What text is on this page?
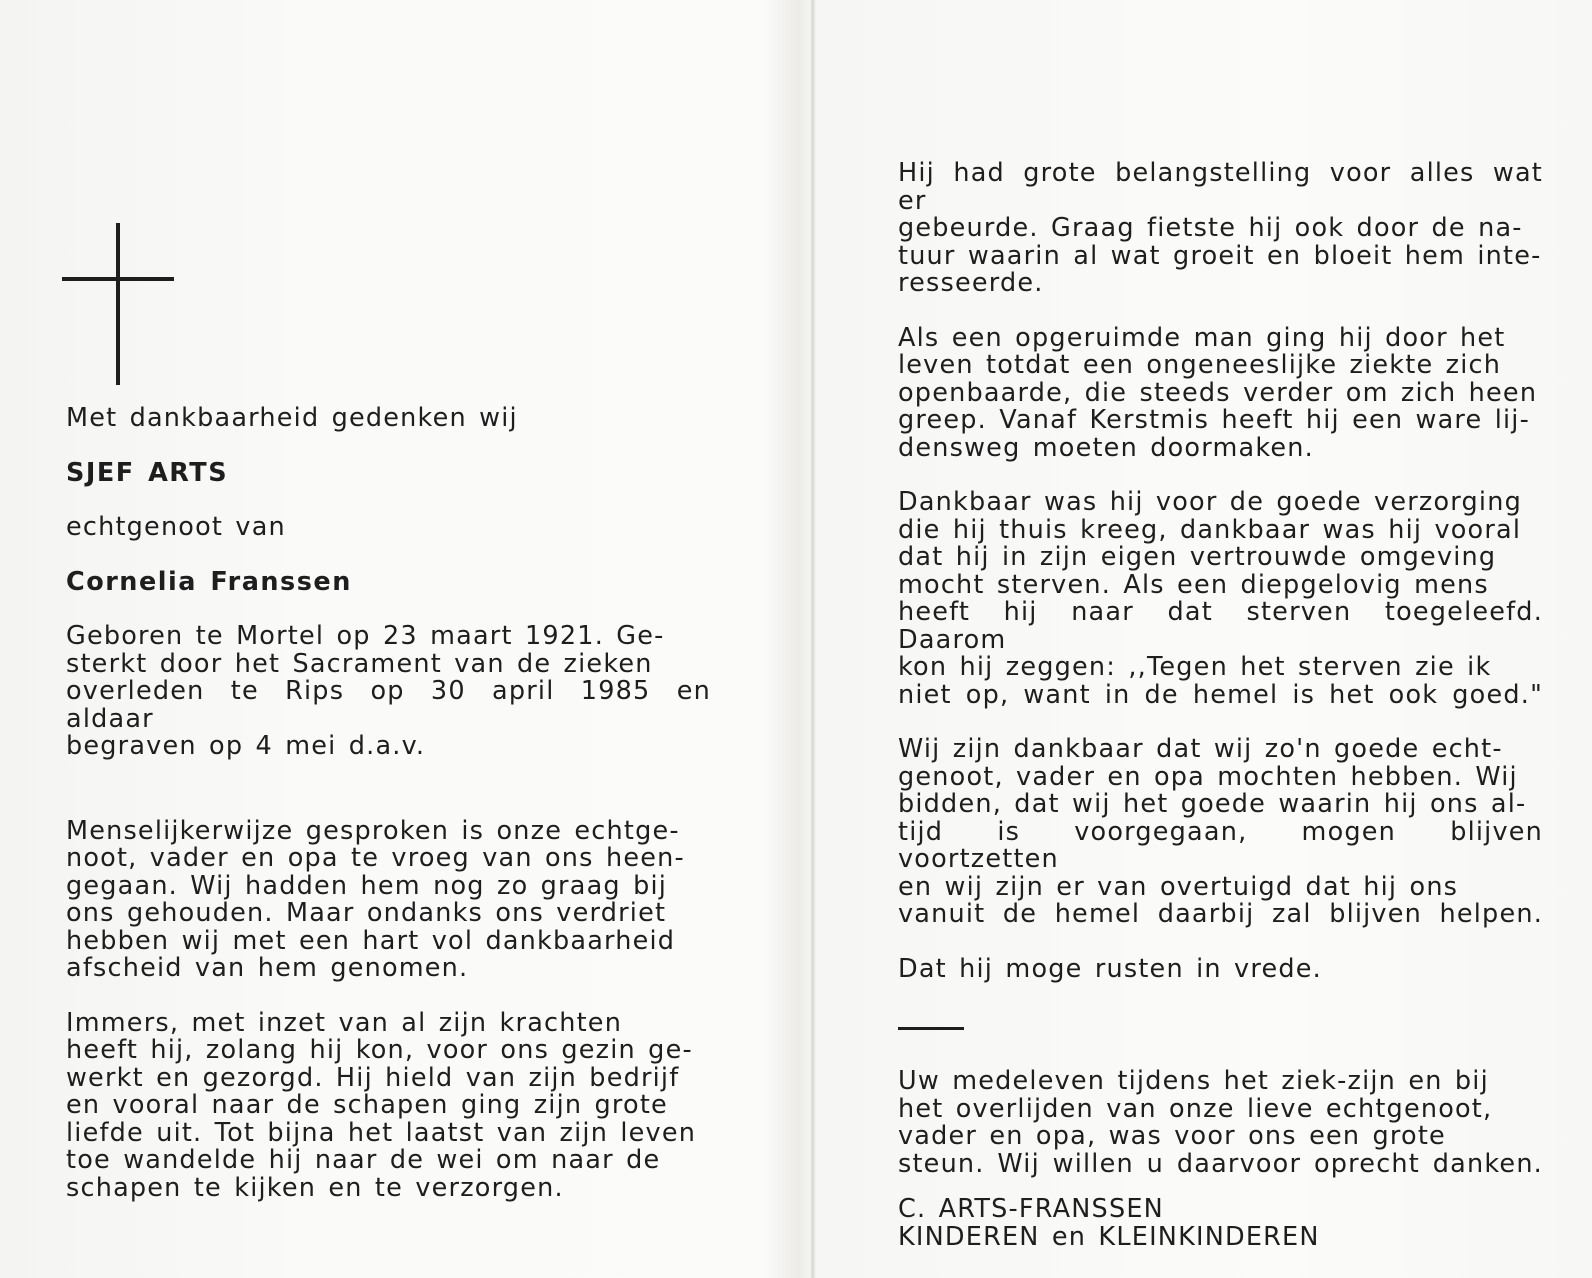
Met dankbaarheid gedenken wij

SJEF ARTS

echtgenoot van

Cornelia Franssen

Geboren te Mortel op 23 maart 1921. Ge-

sterkt door het Sacrament van de zieken

overleden te Rips op 30 april 1985 en aldaar

begraven op 4 mei d.a.v.

Menselijkerwijze gesproken is onze echtge-

noot, vader en opa te vroeg van ons heen-

gegaan. Wij hadden hem nog zo graag bij

ons gehouden. Maar ondanks ons verdriet

hebben wij met een hart vol dankbaarheid

afscheid van hem genomen.

Immers, met inzet van al zijn krachten

heeft hij, zolang hij kon, voor ons gezin ge-

werkt en gezorgd. Hij hield van zijn bedrijf

en vooral naar de schapen ging zijn grote

liefde uit. Tot bijna het laatst van zijn leven

toe wandelde hij naar de wei om naar de

schapen te kijken en te verzorgen.

Hij had grote belangstelling voor alles wat er

gebeurde. Graag fietste hij ook door de na-

tuur waarin al wat groeit en bloeit hem inte-

resseerde.

Als een opgeruimde man ging hij door het

leven totdat een ongeneeslijke ziekte zich

openbaarde, die steeds verder om zich heen

greep. Vanaf Kerstmis heeft hij een ware lij-

densweg moeten doormaken.

Dankbaar was hij voor de goede verzorging

die hij thuis kreeg, dankbaar was hij vooral

dat hij in zijn eigen vertrouwde omgeving

mocht sterven. Als een diepgelovig mens

heeft hij naar dat sterven toegeleefd. Daarom

kon hij zeggen: ,,Tegen het sterven zie ik

niet op, want in de hemel is het ook goed."

Wij zijn dankbaar dat wij zo'n goede echt-

genoot, vader en opa mochten hebben. Wij

bidden, dat wij het goede waarin hij ons al-

tijd is voorgegaan, mogen blijven voortzetten

en wij zijn er van overtuigd dat hij ons

vanuit de hemel daarbij zal blijven helpen.

Dat hij moge rusten in vrede.

Uw medeleven tijdens het ziek-zijn en bij

het overlijden van onze lieve echtgenoot,

vader en opa, was voor ons een grote

steun. Wij willen u daarvoor oprecht danken.

C. ARTS-FRANSSEN

KINDEREN en KLEINKINDEREN
